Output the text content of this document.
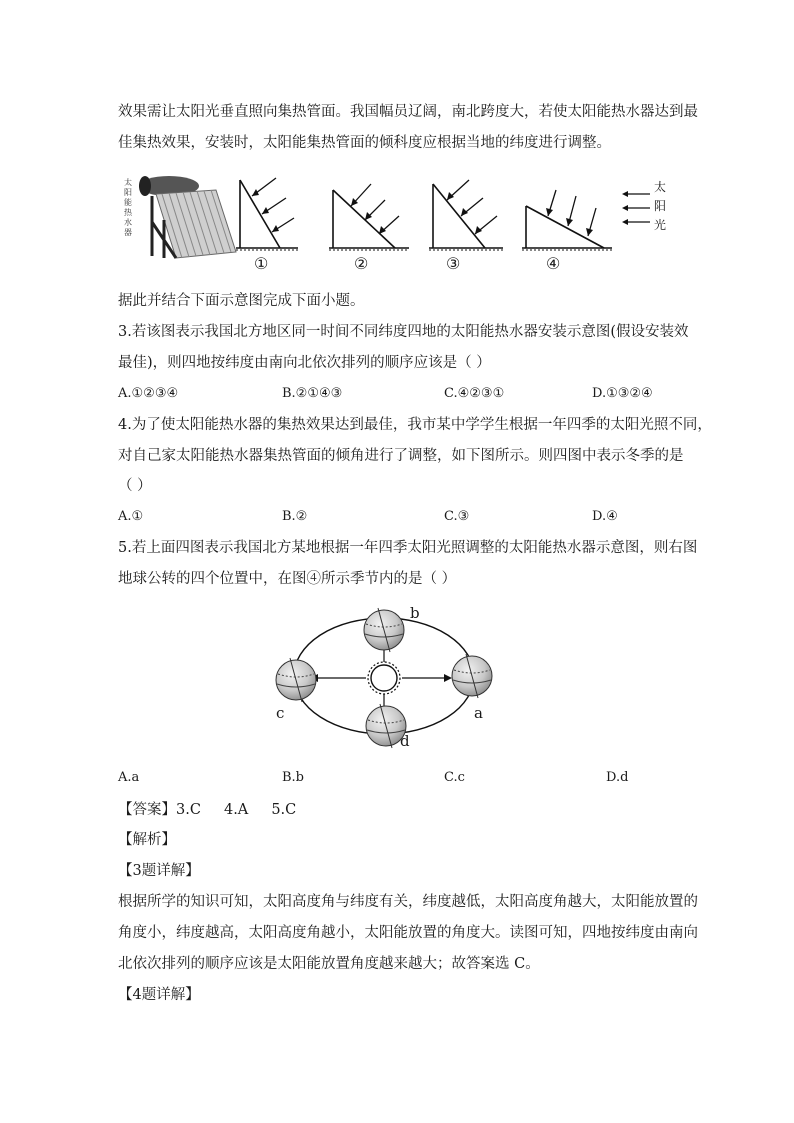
效果需让太阳光垂直照向集热管面。我国幅员辽阔，南北跨度大，若使太阳能热水器达到最
佳集热效果，安装时，太阳能集热管面的倾科度应根据当地的纬度进行调整。
太
阳
能
热
水
器
太
阳
光
①	②	③	④
据此并结合下面示意图完成下面小题。
3.若该图表示我国北方地区同一时间不同纬度四地的太阳能热水器安装示意图(假设安装效
最佳)，则四地按纬度由南向北依次排列的顺序应该是（ ）
A.①②③④	B.②①④③	C.④②③①	D.①③②④
4.为了使太阳能热水器的集热效果达到最佳，我市某中学学生根据一年四季的太阳光照不同，
对自己家太阳能热水器集热管面的倾角进行了调整，如下图所示。则四图中表示冬季的是
（ ）
A.①	B.②	C.③	D.④
5.若上面四图表示我国北方某地根据一年四季太阳光照调整的太阳能热水器示意图，则右图
地球公转的四个位置中，在图④所示季节内的是（ ）
b
c	a
d
A.a	B.b	C.c	D.d
【答案】3.C     4.A     5.C
【解析】
【3题详解】
根据所学的知识可知，太阳高度角与纬度有关，纬度越低，太阳高度角越大，太阳能放置的
角度小，纬度越高，太阳高度角越小，太阳能放置的角度大。读图可知，四地按纬度由南向
北依次排列的顺序应该是太阳能放置角度越来越大；故答案选 C。
【4题详解】
